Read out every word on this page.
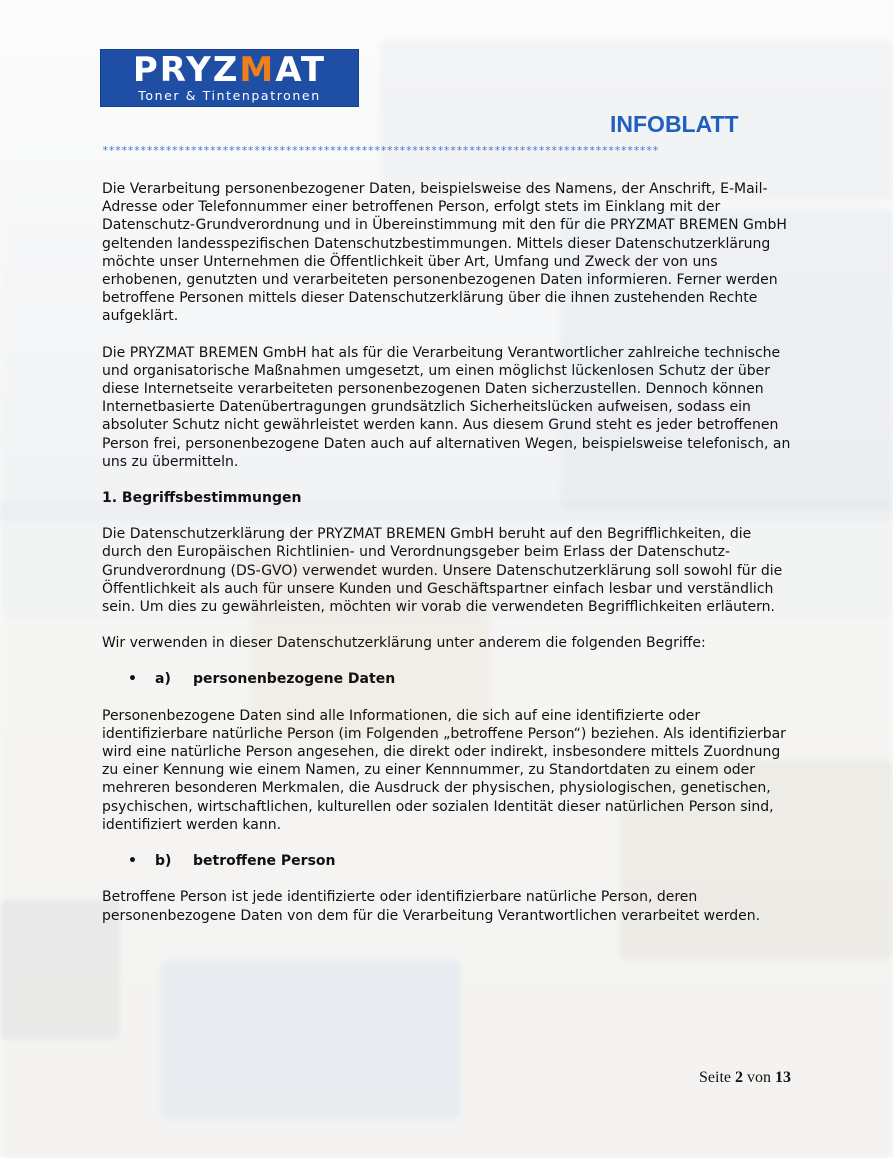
PRYZMAT
Toner & Tintenpatronen
INFOBLATT
****************************************************************************************

Die Verarbeitung personenbezogener Daten, beispielsweise des Namens, der Anschrift, E-Mail-Adresse oder Telefonnummer einer betroffenen Person, erfolgt stets im Einklang mit der Datenschutz-Grundverordnung und in Übereinstimmung mit den für die PRYZMAT BREMEN GmbH geltenden landesspezifischen Datenschutzbestimmungen. Mittels dieser Datenschutzerklärung möchte unser Unternehmen die Öffentlichkeit über Art, Umfang und Zweck der von uns erhobenen, genutzten und verarbeiteten personenbezogenen Daten informieren. Ferner werden betroffene Personen mittels dieser Datenschutzerklärung über die ihnen zustehenden Rechte aufgeklärt.

Die PRYZMAT BREMEN GmbH hat als für die Verarbeitung Verantwortlicher zahlreiche technische und organisatorische Maßnahmen umgesetzt, um einen möglichst lückenlosen Schutz der über diese Internetseite verarbeiteten personenbezogenen Daten sicherzustellen. Dennoch können Internetbasierte Datenübertragungen grundsätzlich Sicherheitslücken aufweisen, sodass ein absoluter Schutz nicht gewährleistet werden kann. Aus diesem Grund steht es jeder betroffenen Person frei, personenbezogene Daten auch auf alternativen Wegen, beispielsweise telefonisch, an uns zu übermitteln.

1. Begriffsbestimmungen

Die Datenschutzerklärung der PRYZMAT BREMEN GmbH beruht auf den Begrifflichkeiten, die durch den Europäischen Richtlinien- und Verordnungsgeber beim Erlass der Datenschutz-Grundverordnung (DS-GVO) verwendet wurden. Unsere Datenschutzerklärung soll sowohl für die Öffentlichkeit als auch für unsere Kunden und Geschäftspartner einfach lesbar und verständlich sein. Um dies zu gewährleisten, möchten wir vorab die verwendeten Begrifflichkeiten erläutern.

Wir verwenden in dieser Datenschutzerklärung unter anderem die folgenden Begriffe:

• a) personenbezogene Daten

Personenbezogene Daten sind alle Informationen, die sich auf eine identifizierte oder identifizierbare natürliche Person (im Folgenden „betroffene Person“) beziehen. Als identifizierbar wird eine natürliche Person angesehen, die direkt oder indirekt, insbesondere mittels Zuordnung zu einer Kennung wie einem Namen, zu einer Kennnummer, zu Standortdaten zu einem oder mehreren besonderen Merkmalen, die Ausdruck der physischen, physiologischen, genetischen, psychischen, wirtschaftlichen, kulturellen oder sozialen Identität dieser natürlichen Person sind, identifiziert werden kann.

• b) betroffene Person

Betroffene Person ist jede identifizierte oder identifizierbare natürliche Person, deren personenbezogene Daten von dem für die Verarbeitung Verantwortlichen verarbeitet werden.

Seite 2 von 13
